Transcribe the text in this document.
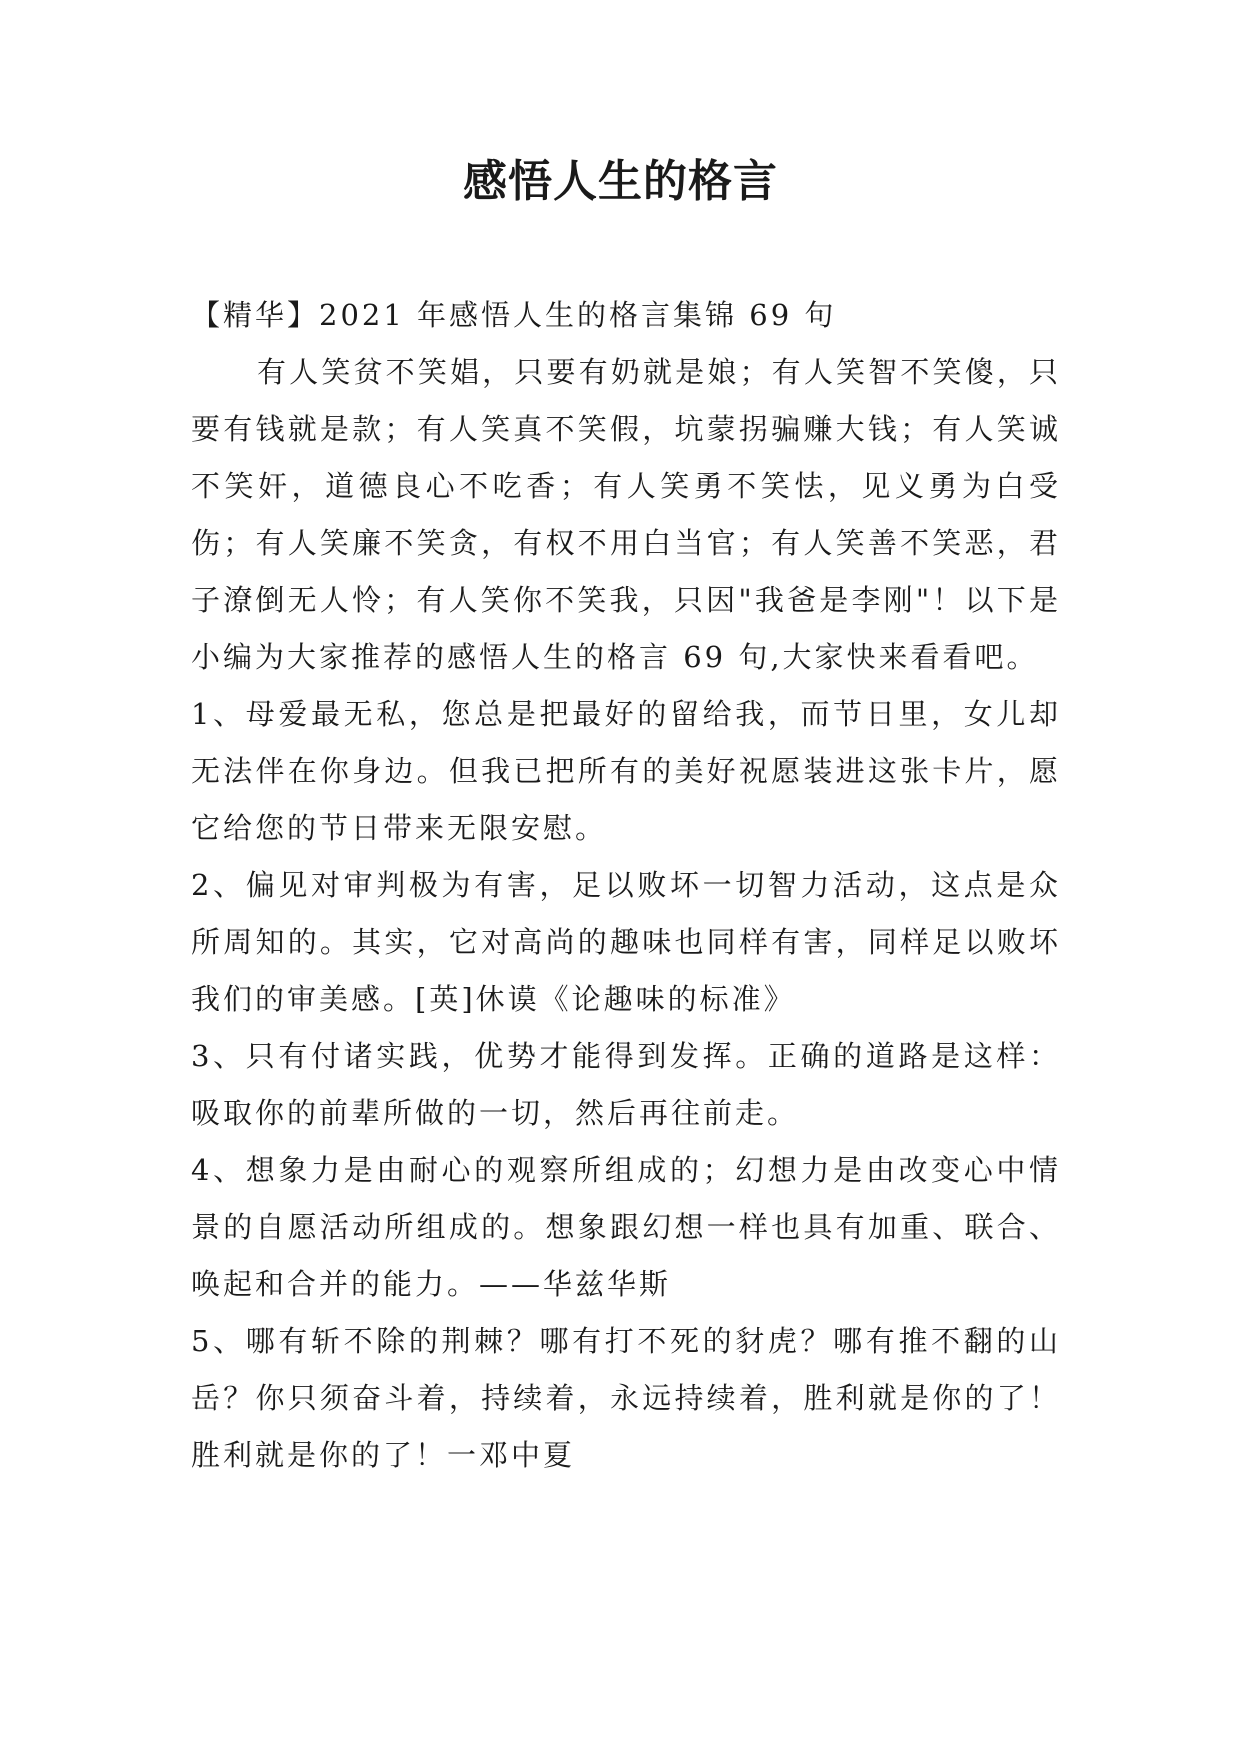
感悟人生的格言

【精华】2021 年感悟人生的格言集锦 69 句

有人笑贫不笑娼，只要有奶就是娘；有人笑智不笑傻，只要有钱就是款；有人笑真不笑假，坑蒙拐骗赚大钱；有人笑诚不笑奸，道德良心不吃香；有人笑勇不笑怯，见义勇为白受伤；有人笑廉不笑贪，有权不用白当官；有人笑善不笑恶，君子潦倒无人怜；有人笑你不笑我，只因"我爸是李刚"！以下是小编为大家推荐的感悟人生的格言 69 句,大家快来看看吧。

1、母爱最无私，您总是把最好的留给我，而节日里，女儿却无法伴在你身边。但我已把所有的美好祝愿装进这张卡片，愿它给您的节日带来无限安慰。

2、偏见对审判极为有害，足以败坏一切智力活动，这点是众所周知的。其实，它对高尚的趣味也同样有害，同样足以败坏我们的审美感。[英]休谟《论趣味的标准》

3、只有付诸实践，优势才能得到发挥。正确的道路是这样：吸取你的前辈所做的一切，然后再往前走。

4、想象力是由耐心的观察所组成的；幻想力是由改变心中情景的自愿活动所组成的。想象跟幻想一样也具有加重、联合、唤起和合并的能力。——华兹华斯

5、哪有斩不除的荆棘？哪有打不死的豺虎？哪有推不翻的山岳？你只须奋斗着，持续着，永远持续着，胜利就是你的了！胜利就是你的了！一邓中夏
